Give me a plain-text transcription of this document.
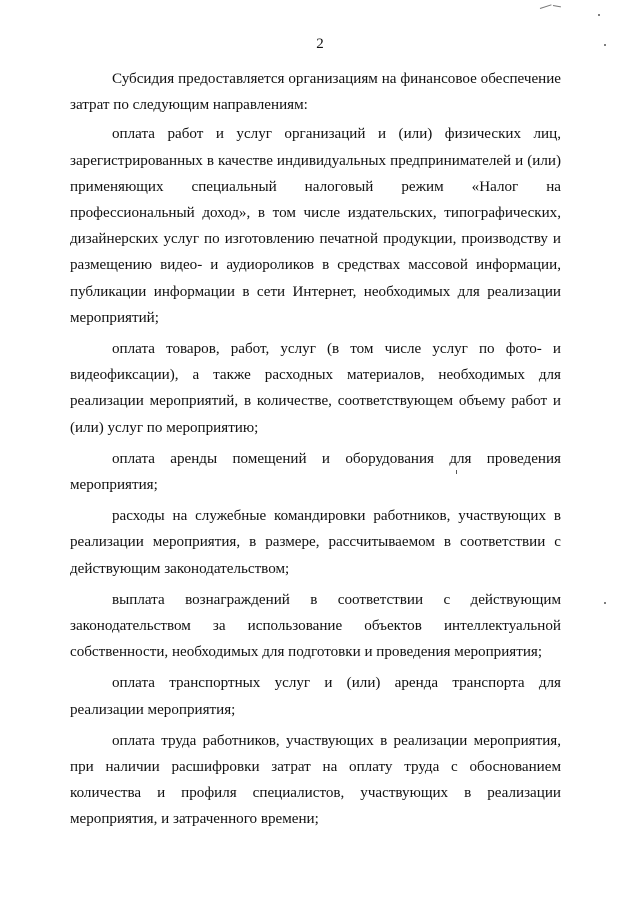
2

Субсидия предоставляется организациям на финансовое обеспечение затрат по следующим направлениям:

оплата работ и услуг организаций и (или) физических лиц, зарегистрированных в качестве индивидуальных предпринимателей и (или) применяющих специальный налоговый режим «Налог на профессиональный доход», в том числе издательских, типографических, дизайнерских услуг по изготовлению печатной продукции, производству и размещению видео- и аудиороликов в средствах массовой информации, публикации информации в сети Интернет, необходимых для реализации мероприятий;

оплата товаров, работ, услуг (в том числе услуг по фото- и видеофиксации), а также расходных материалов, необходимых для реализации мероприятий, в количестве, соответствующем объему работ и (или) услуг по мероприятию;

оплата аренды помещений и оборудования для проведения мероприятия;

расходы на служебные командировки работников, участвующих в реализации мероприятия, в размере, рассчитываемом в соответствии с действующим законодательством;

выплата вознаграждений в соответствии с действующим законодательством за использование объектов интеллектуальной собственности, необходимых для подготовки и проведения мероприятия;

оплата транспортных услуг и (или) аренда транспорта для реализации мероприятия;

оплата труда работников, участвующих в реализации мероприятия, при наличии расшифровки затрат на оплату труда с обоснованием количества и профиля специалистов, участвующих в реализации мероприятия, и затраченного времени;
